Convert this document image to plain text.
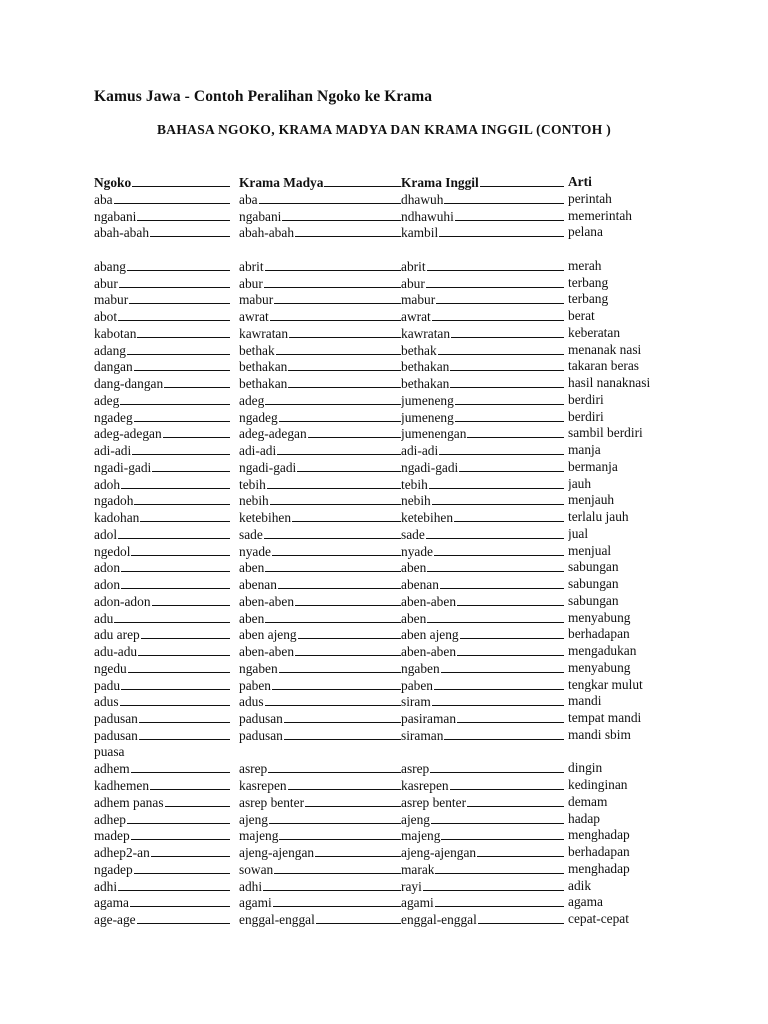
Kamus Jawa - Contoh Peralihan Ngoko ke Krama
BAHASA NGOKO, KRAMA MADYA DAN KRAMA INGGIL (CONTOH )
Ngoko	Krama Madya	Krama Inggil	Arti
aba	aba	dhawuh	perintah
ngabani	ngabani	ndhawuhi	memerintah
abah-abah	abah-abah	kambil	pelana
abang	abrit	abrit	merah
abur	abur	abur	terbang
mabur	mabur	mabur	terbang
abot	awrat	awrat	berat
kabotan	kawratan	kawratan	keberatan
adang	bethak	bethak	menanak nasi
dangan	bethakan	bethakan	takaran beras
dang-dangan	bethakan	bethakan	hasil nanaknasi
adeg	adeg	jumeneng	berdiri
ngadeg	ngadeg	jumeneng	berdiri
adeg-adegan	adeg-adegan	jumenengan	sambil berdiri
adi-adi	adi-adi	adi-adi	manja
ngadi-gadi	ngadi-gadi	ngadi-gadi	bermanja
adoh	tebih	tebih	jauh
ngadoh	nebih	nebih	menjauh
kadohan	ketebihen	ketebihen	terlalu jauh
adol	sade	sade	jual
ngedol	nyade	nyade	menjual
adon	aben	aben	sabungan
adon	abenan	abenan	sabungan
adon-adon	aben-aben	aben-aben	sabungan
adu	aben	aben	menyabung
adu arep	aben ajeng	aben ajeng	berhadapan
adu-adu	aben-aben	aben-aben	mengadukan
ngedu	ngaben	ngaben	menyabung
padu	paben	paben	tengkar mulut
adus	adus	siram	mandi
padusan	padusan	pasiraman	tempat mandi
padusan	padusan	siraman	mandi sbim
puasa
adhem	asrep	asrep	dingin
kadhemen	kasrepen	kasrepen	kedinginan
adhem panas	asrep benter	asrep benter	demam
adhep	ajeng	ajeng	hadap
madep	majeng	majeng	menghadap
adhep2-an	ajeng-ajengan	ajeng-ajengan	berhadapan
ngadep	sowan	marak	menghadap
adhi	adhi	rayi	adik
agama	agami	agami	agama
age-age	enggal-enggal	enggal-enggal	cepat-cepat
